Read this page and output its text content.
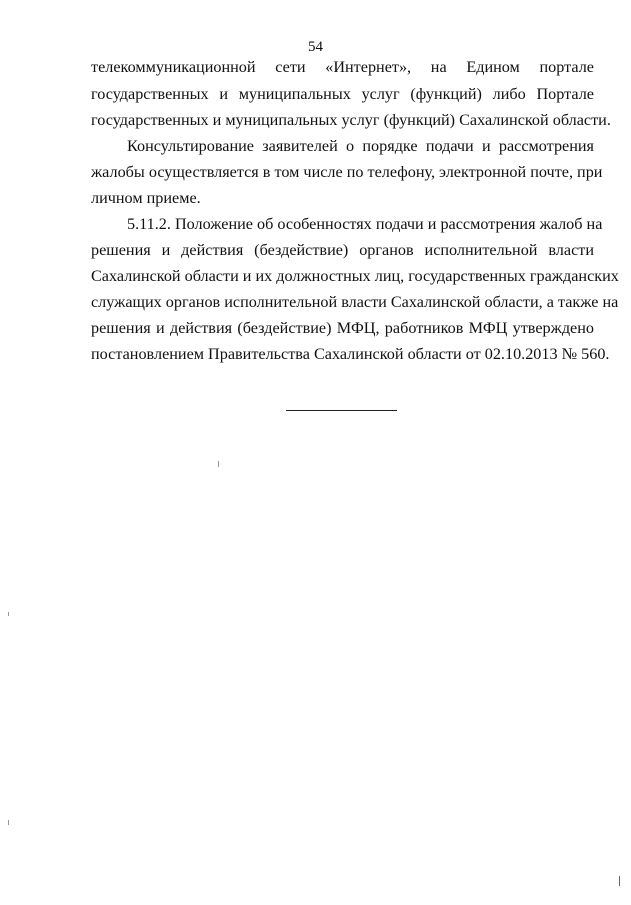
54
телекоммуникационной сети «Интернет», на Едином портале
государственных и муниципальных услуг (функций) либо Портале
государственных и муниципальных услуг (функций) Сахалинской области.
Консультирование заявителей о порядке подачи и рассмотрения
жалобы осуществляется в том числе по телефону, электронной почте, при
личном приеме.
5.11.2. Положение об особенностях подачи и рассмотрения жалоб на
решения и действия (бездействие) органов исполнительной власти
Сахалинской области и их должностных лиц, государственных гражданских
служащих органов исполнительной власти Сахалинской области, а также на
решения и действия (бездействие) МФЦ, работников МФЦ утверждено
постановлением Правительства Сахалинской области от 02.10.2013 № 560.
